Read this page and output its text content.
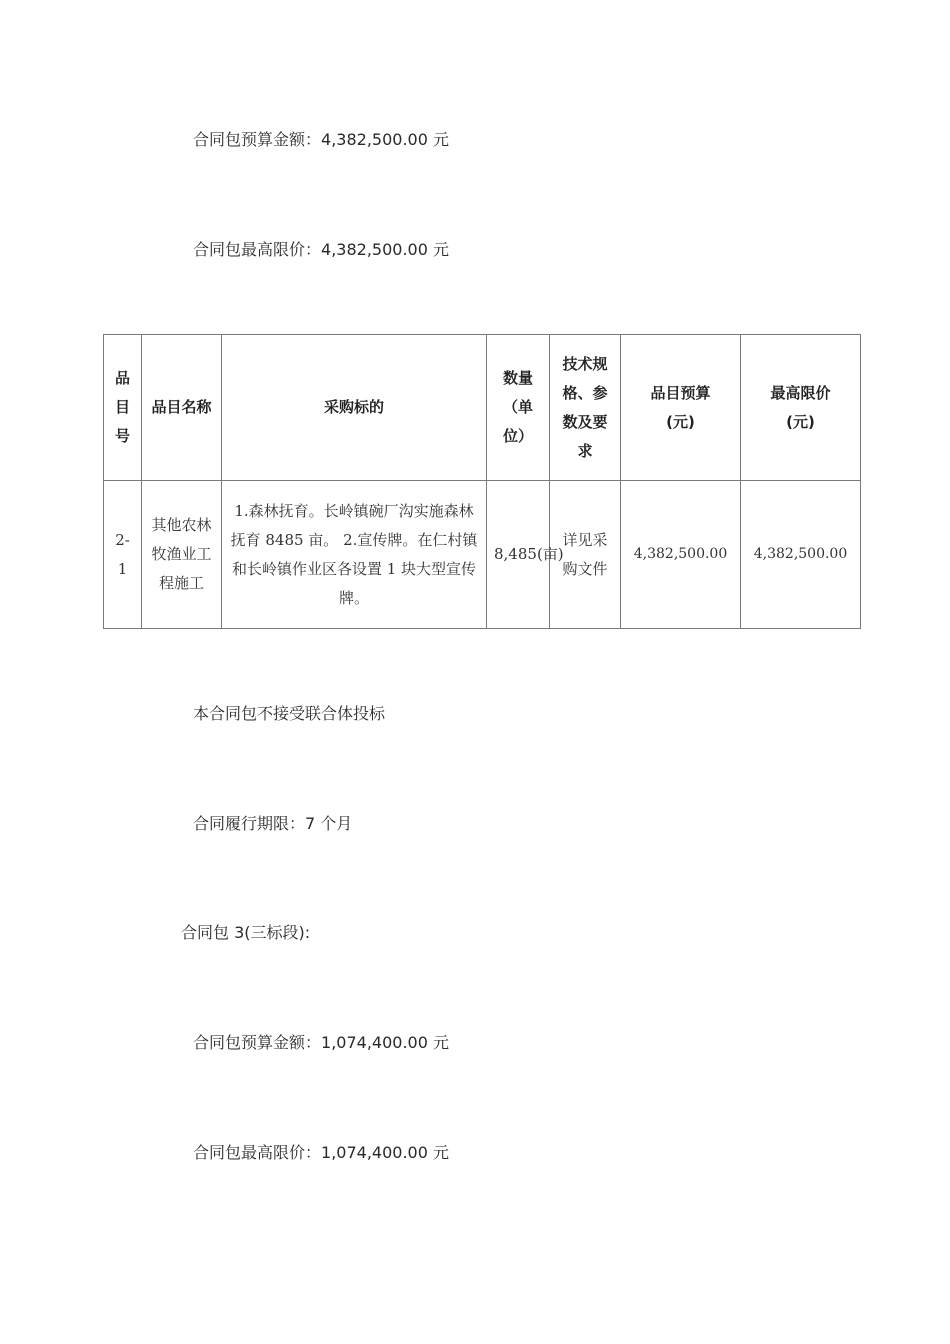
合同包预算金额：4,382,500.00 元
合同包最高限价：4,382,500.00 元
品目号	品目名称	采购标的	数量（单位）	技术规格、参数及要求	品目预算(元)	最高限价(元)

2-1	其他农林牧渔业工程施工	1.森林抚育。长岭镇碗厂沟实施森林抚育 8485 亩。 2.宣传牌。在仁村镇和长岭镇作业区各设置 1 块大型宣传牌。	8,485(亩)	详见采购文件	4,382,500.00	4,382,500.00
本合同包不接受联合体投标
合同履行期限：7 个月
合同包 3(三标段):
合同包预算金额：1,074,400.00 元
合同包最高限价：1,074,400.00 元
